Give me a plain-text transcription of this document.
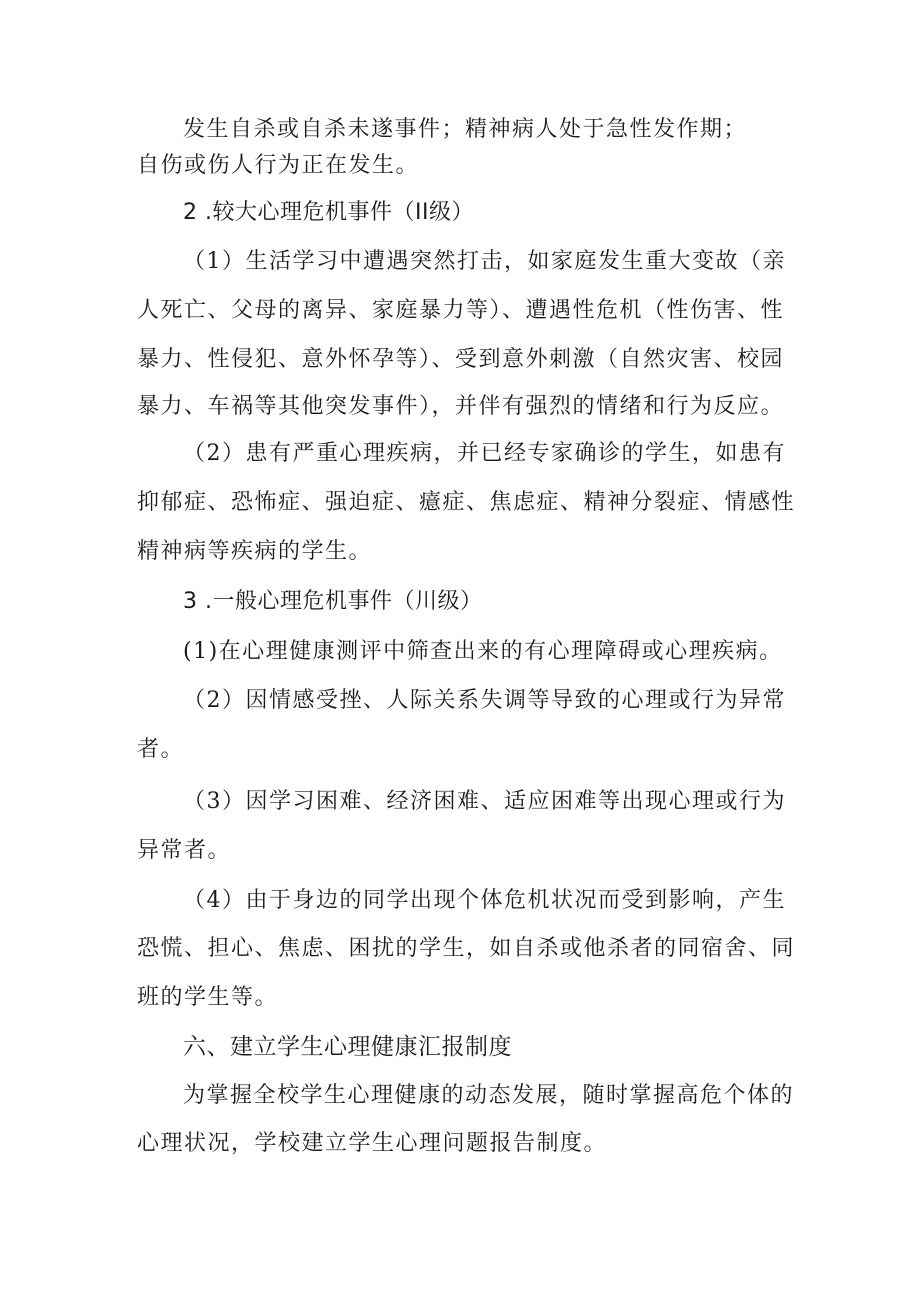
发生自杀或自杀未遂事件；精神病人处于急性发作期；
自伤或伤人行为正在发生。
2 .较大心理危机事件（II级）
（1）生活学习中遭遇突然打击，如家庭发生重大变故（亲
人死亡、父母的离异、家庭暴力等）、遭遇性危机（性伤害、性
暴力、性侵犯、意外怀孕等）、受到意外刺激（自然灾害、校园
暴力、车祸等其他突发事件），并伴有强烈的情绪和行为反应。
（2）患有严重心理疾病，并已经专家确诊的学生，如患有
抑郁症、恐怖症、强迫症、癔症、焦虑症、精神分裂症、情感性
精神病等疾病的学生。
3 .一般心理危机事件（川级）
(1)在心理健康测评中筛查出来的有心理障碍或心理疾病。
（2）因情感受挫、人际关系失调等导致的心理或行为异常
者。
（3）因学习困难、经济困难、适应困难等出现心理或行为
异常者。
（4）由于身边的同学出现个体危机状况而受到影响，产生
恐慌、担心、焦虑、困扰的学生，如自杀或他杀者的同宿舍、同
班的学生等。
六、建立学生心理健康汇报制度
为掌握全校学生心理健康的动态发展，随时掌握高危个体的
心理状况，学校建立学生心理问题报告制度。
